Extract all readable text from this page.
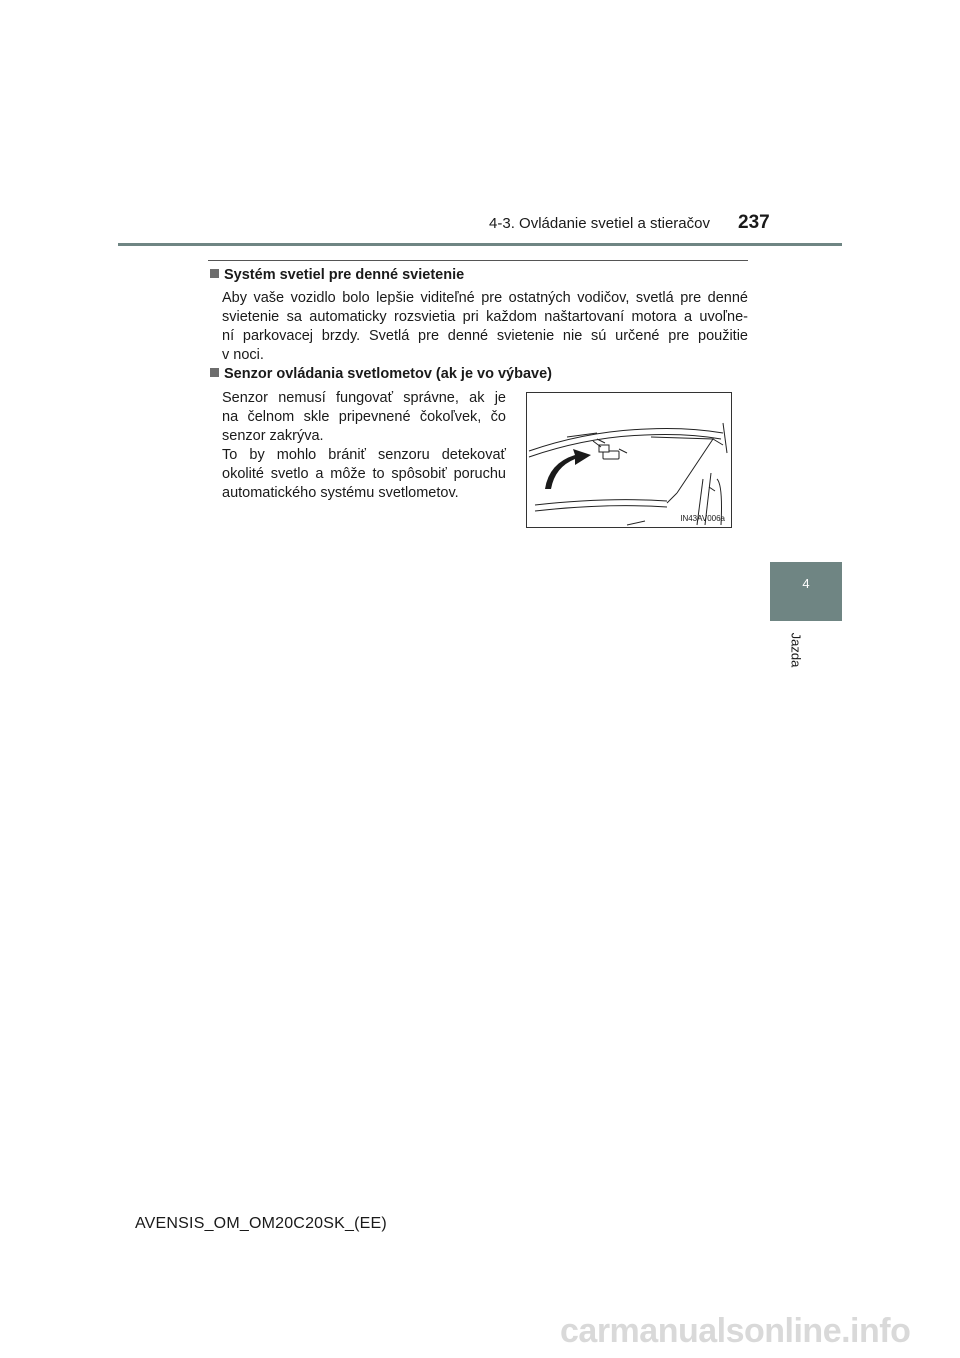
4-3. Ovládanie svetiel a stieračov 237
4
Jazda
Systém svetiel pre denné svietenie
Aby vaše vozidlo bolo lepšie viditeľné pre ostatných vodičov, svetlá pre denné
svietenie sa automaticky rozsvietia pri každom naštartovaní motora a uvoľne-
ní parkovacej brzdy. Svetlá pre denné svietenie nie sú určené pre použitie
v noci.
Senzor ovládania svetlometov (ak je vo výbave)
Senzor nemusí fungovať správne, ak je
na čelnom skle pripevnené čokoľvek, čo
senzor zakrýva.
To by mohlo brániť senzoru detekovať
okolité svetlo a môže to spôsobiť poruchu
automatického systému svetlometov.
IN43AV006a
AVENSIS_OM_OM20C20SK_(EE)
carmanualsonline.info
